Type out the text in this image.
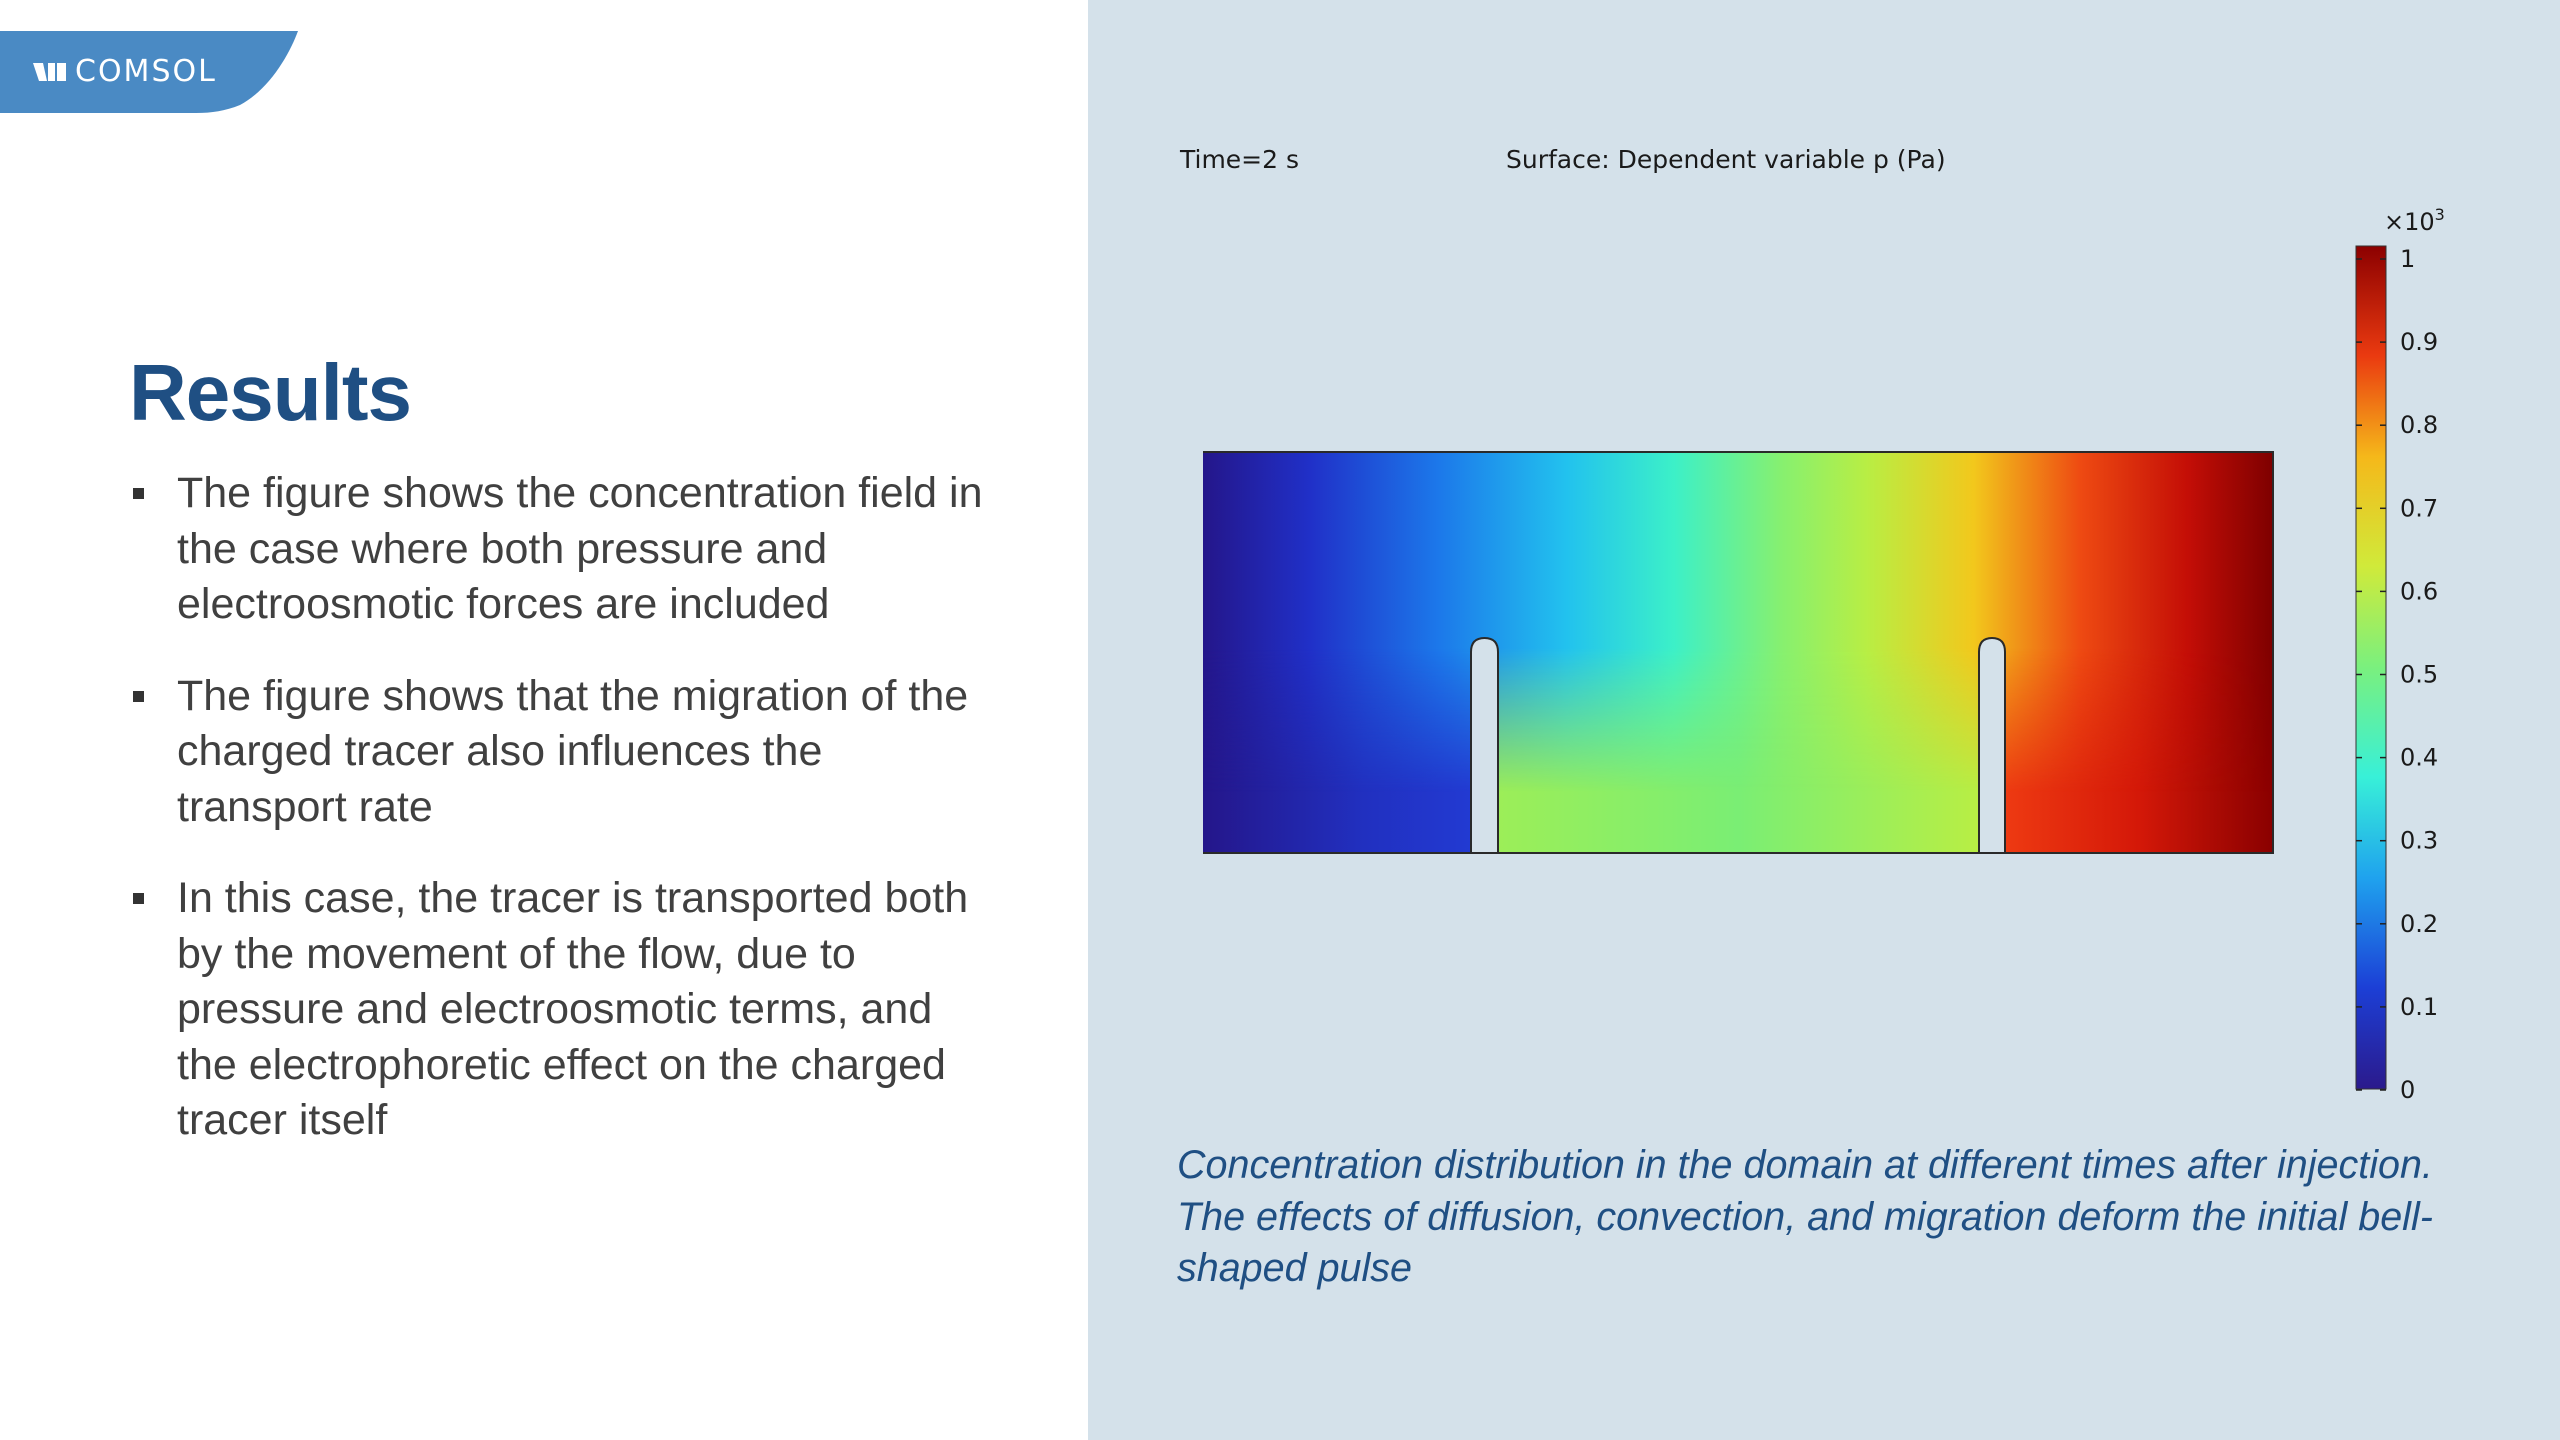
COMSOL
Results
The figure shows the concentration field in the case where both pressure and electroosmotic forces are included
The figure shows that the migration of the charged tracer also influences the transport rate
In this case, the tracer is transported both by the movement of the flow, due to pressure and electroosmotic terms, and the electrophoretic effect on the charged tracer itself
Time=2 s	Surface: Dependent variable p (Pa)
$\times 10^3$
1
0.9
0.8
0.7
0.6
0.5
0.4
0.3
0.2
0.1
0

Concentration distribution in the domain at different times after injection. The effects of diffusion, convection, and migration deform the initial bell-shaped pulse
